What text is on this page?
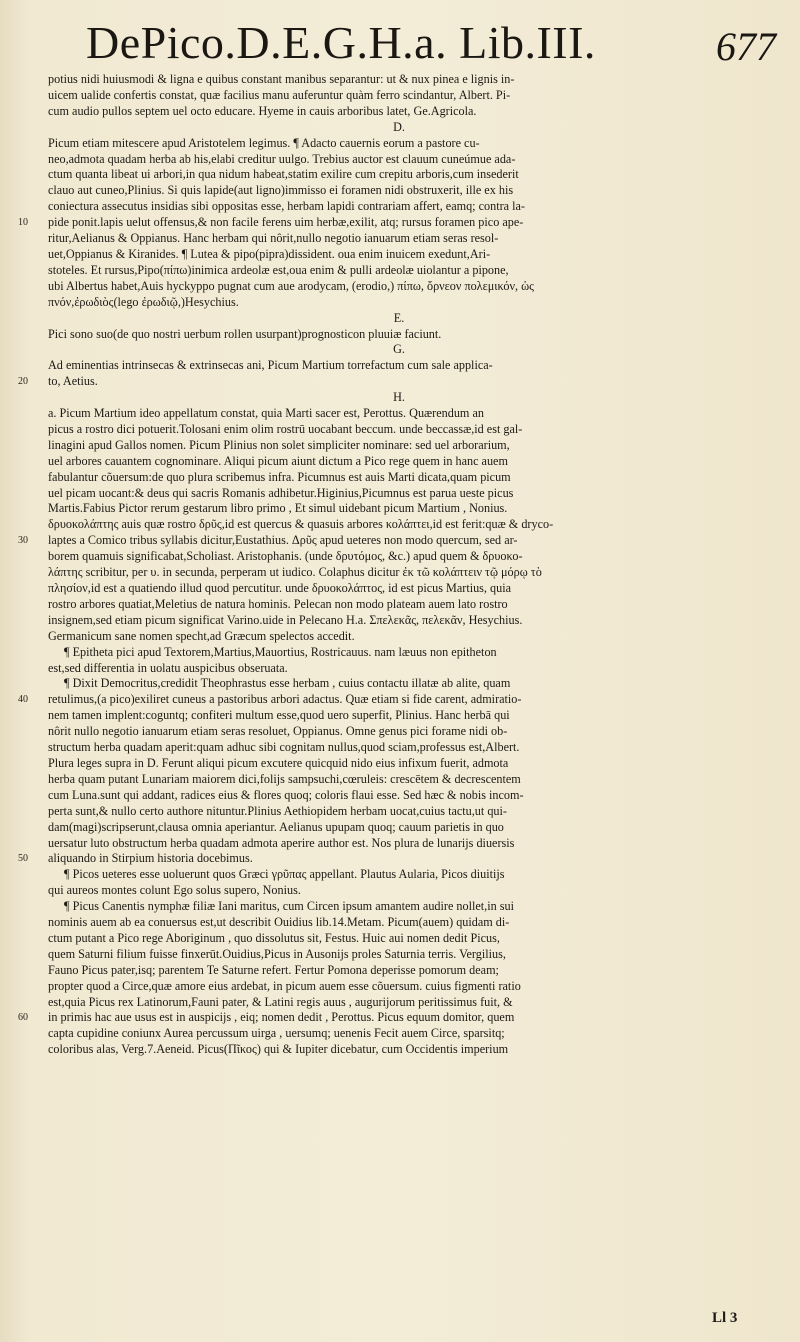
DePico.D.E.G.H.a. Lib.III.	677
potius nidi huiusmodi & ligna e quibus constant manibus separantur: ut & nux pinea e lignis in-
uicem ualide confertis constat, quæ facilius manu auferuntur quàm ferro scindantur, Albert. Pi-
cum audio pullos septem uel octo educare. Hyeme in cauis arboribus latet, Ge.Agricola.
D.
Picum etiam mitescere apud Aristotelem legimus. ¶ Adacto cauernis eorum a pastore cu-
neo,admota quadam herba ab his,elabi creditur uulgo. Trebius auctor est clauum cuneúmue ada-
ctum quanta libeat ui arbori,in qua nidum habeat,statim exilire cum crepitu arboris,cum insederit
clauo aut cuneo,Plinius. Si quis lapide(aut ligno)immisso ei foramen nidi obstruxerit, ille ex his
coniectura assecutus insidias sibi oppositas esse, herbam lapidi contrariam affert, eamq; contra la-
10 pide ponit.lapis uelut offensus,& non facile ferens uim herbæ,exilit, atq; rursus foramen pico ape-
ritur,Aelianus & Oppianus. Hanc herbam qui nôrit,nullo negotio ianuarum etiam seras resol-
uet,Oppianus & Kiranides. ¶ Lutea & pipo(pipra)dissident. oua enim inuicem exedunt,Ari-
stoteles. Et rursus,Pipo(πίπω)inimica ardeolæ est,oua enim & pulli ardeolæ uiolantur a pipone,
ubi Albertus habet,Auis hyckyppo pugnat cum aue arodycam, (erodio,) πίπω, ὄρνεον πολεμικόν, ὡς
πνόν,ἐρωδιὸς(lego ἐρωδιῷ,)Hesychius.
E.
Pici sono suo(de quo nostri uerbum rollen usurpant)prognosticon pluuiæ faciunt.
G.
Ad eminentias intrinsecas & extrinsecas ani, Picum Martium torrefactum cum sale applica-
20 to, Aetius.
H.
a. Picum Martium ideo appellatum constat, quia Marti sacer est, Perottus. Quærendum an
picus a rostro dici potuerit.Tolosani enim olim rostrū uocabant beccum. unde beccassæ,id est gal-
linagini apud Gallos nomen. Picum Plinius non solet simpliciter nominare: sed uel arborarium,
uel arbores cauantem cognominare. Aliqui picum aiunt dictum a Pico rege quem in hanc auem
fabulantur cõuersum:de quo plura scribemus infra. Picumnus est auis Marti dicata,quam picum
uel picam uocant:& deus qui sacris Romanis adhibetur.Higinius,Picumnus est parua ueste picus
Martis.Fabius Pictor rerum gestarum libro primo , Et simul uidebant picum Martium , Nonius.
δρυοκολάπτης auis quæ rostro δρῦς,id est quercus & quasuis arbores κολάπτει,id est ferit:quæ & dryco-
30 laptes a Comico tribus syllabis dicitur,Eustathius. Δρῦς apud ueteres non modo quercum, sed ar-
borem quamuis significabat,Scholiast. Aristophanis. (unde δρυτόμος, &c.) apud quem & δρυοκο-
λάπτης scribitur, per υ. in secunda, perperam ut iudico. Colaphus dicitur ἐκ τῶ κολάπτειν τῷ μόρῳ τὸ
πλησίον,id est a quatiendo illud quod percutitur. unde δρυοκολάπτος, id est picus Martius, quia
rostro arbores quatiat,Meletius de natura hominis. Pelecan non modo plateam auem lato rostro
insignem,sed etiam picum significat Varino.uide in Pelecano H.a. Σπελεκᾶς, πελεκᾶν, Hesychius.
Germanicum sane nomen specht,ad Græcum spelectos accedit.
¶ Epitheta pici apud Textorem,Martius,Mauortius, Rostricauus. nam læuus non epitheton
est,sed differentia in uolatu auspicibus obseruata.
¶ Dixit Democritus,credidit Theophrastus esse herbam , cuius contactu illatæ ab alite, quam
40 retulimus,(a pico)exiliret cuneus a pastoribus arbori adactus. Quæ etiam si fide carent, admiratio-
nem tamen implent:coguntq; confiteri multum esse,quod uero superfit, Plinius. Hanc herbā qui
nôrit nullo negotio ianuarum etiam seras resoluet, Oppianus. Omne genus pici forame nidi ob-
structum herba quadam aperit:quam adhuc sibi cognitam nullus,quod sciam,professus est,Albert.
Plura leges supra in D. Ferunt aliqui picum excutere quicquid nido eius infixum fuerit, admota
herba quam putant Lunariam maiorem dici,folijs sampsuchi,cœruleis: crescētem & decrescentem
cum Luna.sunt qui addant, radices eius & flores quoq; coloris flaui esse. Sed hæc & nobis incom-
perta sunt,& nullo certo authore nituntur.Plinius Aethiopidem herbam uocat,cuius tactu,ut qui-
dam(magi)scripserunt,clausa omnia aperiantur. Aelianus upupam quoq; cauum parietis in quo
uersatur luto obstructum herba quadam admota aperire author est. Nos plura de lunarijs diuersis
50 aliquando in Stirpium historia docebimus.
¶ Picos ueteres esse uoluerunt quos Græci γρῦπας appellant. Plautus Aularia, Picos diuitijs
qui aureos montes colunt Ego solus supero, Nonius.
¶ Picus Canentis nymphæ filiæ Iani maritus, cum Circen ipsum amantem audire nollet,in sui
nominis auem ab ea conuersus est,ut describit Ouidius lib.14.Metam. Picum(auem) quidam di-
ctum putant a Pico rege Aboriginum , quo dissolutus sit, Festus. Huic aui nomen dedit Picus,
quem Saturni filium fuisse finxerūt.Ouidius,Picus in Ausonijs proles Saturnia terris. Vergilius,
Fauno Picus pater,isq; parentem Te Saturne refert. Fertur Pomona deperisse pomorum deam;
propter quod a Circe,quæ amore eius ardebat, in picum auem esse cõuersum. cuius figmenti ratio
est,quia Picus rex Latinorum,Fauni pater, & Latini regis auus , augurijorum peritissimus fuit, &
60 in primis hac aue usus est in auspicijs , eiq; nomen dedit , Perottus. Picus equum domitor, quem
capta cupidine coniunx Aurea percussum uirga , uersumq; uenenis Fecit auem Circe, sparsitq;
coloribus alas, Verg.7.Aeneid. Picus(Πῖκος) qui & Iupiter dicebatur, cum Occidentis imperium
Ll 3
